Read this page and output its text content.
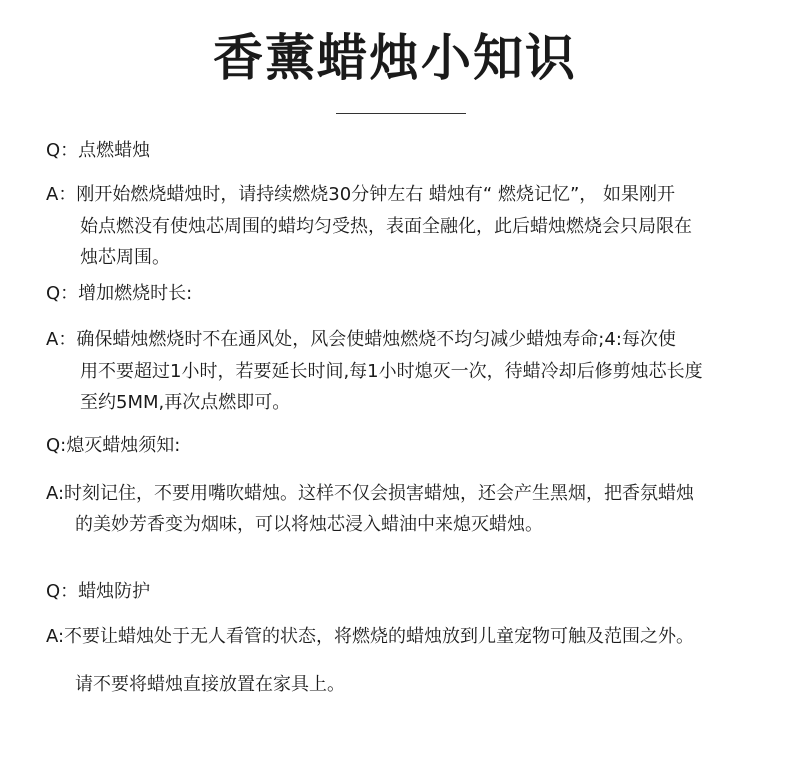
香薰蜡烛小知识
Q：点燃蜡烛
A：刚开始燃烧蜡烛时，请持续燃烧30分钟左右 蜡烛有“ 燃烧记忆”， 如果刚开
始点燃没有使烛芯周围的蜡均匀受热，表面全融化，此后蜡烛燃烧会只局限在
烛芯周围。
Q：增加燃烧时长:
A：确保蜡烛燃烧时不在通风处，风会使蜡烛燃烧不均匀减少蜡烛寿命;4:每次使
用不要超过1小时，若要延长时间,每1小时熄灭一次，待蜡冷却后修剪烛芯长度
至约5MM,再次点燃即可。
Q:熄灭蜡烛须知:
A:时刻记住，不要用嘴吹蜡烛。这样不仅会损害蜡烛，还会产生黑烟，把香氛蜡烛
的美妙芳香变为烟味，可以将烛芯浸入蜡油中来熄灭蜡烛。
Q：蜡烛防护
A:不要让蜡烛处于无人看管的状态，将燃烧的蜡烛放到儿童宠物可触及范围之外。
请不要将蜡烛直接放置在家具上。
